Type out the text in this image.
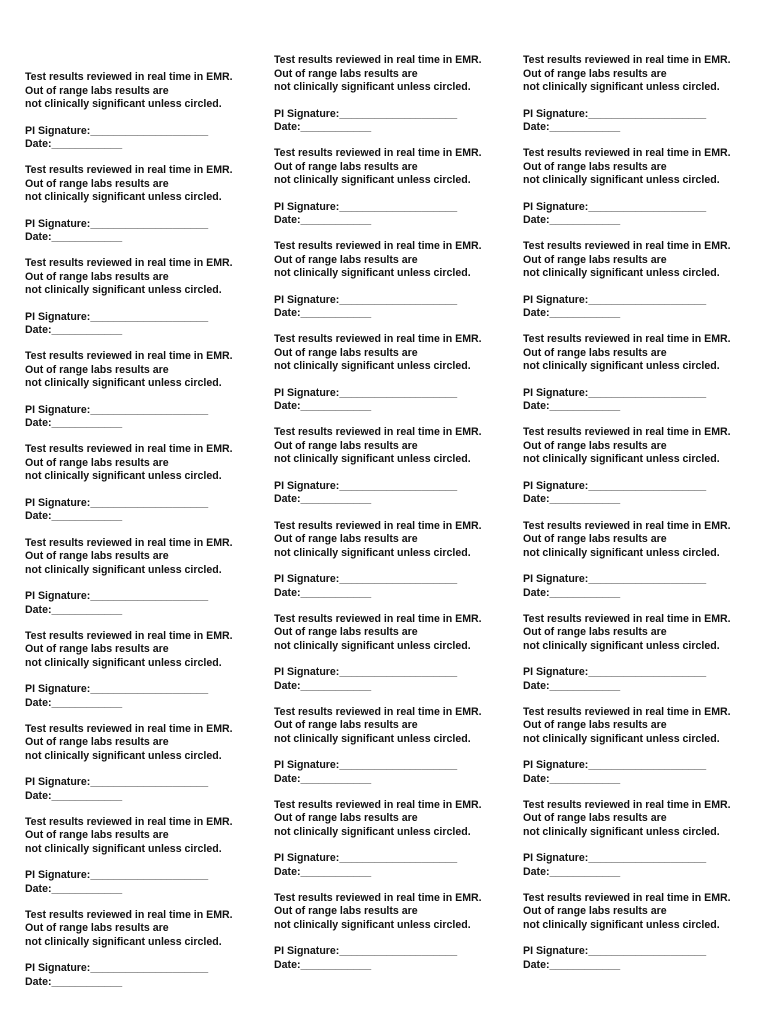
Test results reviewed in real time in EMR.
Out of range labs results are
not clinically significant unless circled.
PI Signature:____________________
Date:____________
Test results reviewed in real time in EMR.
Out of range labs results are
not clinically significant unless circled.
PI Signature:____________________
Date:____________
Test results reviewed in real time in EMR.
Out of range labs results are
not clinically significant unless circled.
PI Signature:____________________
Date:____________
Test results reviewed in real time in EMR.
Out of range labs results are
not clinically significant unless circled.
PI Signature:____________________
Date:____________
Test results reviewed in real time in EMR.
Out of range labs results are
not clinically significant unless circled.
PI Signature:____________________
Date:____________
Test results reviewed in real time in EMR.
Out of range labs results are
not clinically significant unless circled.
PI Signature:____________________
Date:____________
Test results reviewed in real time in EMR.
Out of range labs results are
not clinically significant unless circled.
PI Signature:____________________
Date:____________
Test results reviewed in real time in EMR.
Out of range labs results are
not clinically significant unless circled.
PI Signature:____________________
Date:____________
Test results reviewed in real time in EMR.
Out of range labs results are
not clinically significant unless circled.
PI Signature:____________________
Date:____________
Test results reviewed in real time in EMR.
Out of range labs results are
not clinically significant unless circled.
PI Signature:____________________
Date:____________
Test results reviewed in real time in EMR.
Out of range labs results are
not clinically significant unless circled.
PI Signature:____________________
Date:____________
Test results reviewed in real time in EMR.
Out of range labs results are
not clinically significant unless circled.
PI Signature:____________________
Date:____________
Test results reviewed in real time in EMR.
Out of range labs results are
not clinically significant unless circled.
PI Signature:____________________
Date:____________
Test results reviewed in real time in EMR.
Out of range labs results are
not clinically significant unless circled.
PI Signature:____________________
Date:____________
Test results reviewed in real time in EMR.
Out of range labs results are
not clinically significant unless circled.
PI Signature:____________________
Date:____________
Test results reviewed in real time in EMR.
Out of range labs results are
not clinically significant unless circled.
PI Signature:____________________
Date:____________
Test results reviewed in real time in EMR.
Out of range labs results are
not clinically significant unless circled.
PI Signature:____________________
Date:____________
Test results reviewed in real time in EMR.
Out of range labs results are
not clinically significant unless circled.
PI Signature:____________________
Date:____________
Test results reviewed in real time in EMR.
Out of range labs results are
not clinically significant unless circled.
PI Signature:____________________
Date:____________
Test results reviewed in real time in EMR.
Out of range labs results are
not clinically significant unless circled.
PI Signature:____________________
Date:____________
Test results reviewed in real time in EMR.
Out of range labs results are
not clinically significant unless circled.
PI Signature:____________________
Date:____________
Test results reviewed in real time in EMR.
Out of range labs results are
not clinically significant unless circled.
PI Signature:____________________
Date:____________
Test results reviewed in real time in EMR.
Out of range labs results are
not clinically significant unless circled.
PI Signature:____________________
Date:____________
Test results reviewed in real time in EMR.
Out of range labs results are
not clinically significant unless circled.
PI Signature:____________________
Date:____________
Test results reviewed in real time in EMR.
Out of range labs results are
not clinically significant unless circled.
PI Signature:____________________
Date:____________
Test results reviewed in real time in EMR.
Out of range labs results are
not clinically significant unless circled.
PI Signature:____________________
Date:____________
Test results reviewed in real time in EMR.
Out of range labs results are
not clinically significant unless circled.
PI Signature:____________________
Date:____________
Test results reviewed in real time in EMR.
Out of range labs results are
not clinically significant unless circled.
PI Signature:____________________
Date:____________
Test results reviewed in real time in EMR.
Out of range labs results are
not clinically significant unless circled.
PI Signature:____________________
Date:____________
Test results reviewed in real time in EMR.
Out of range labs results are
not clinically significant unless circled.
PI Signature:____________________
Date:____________
